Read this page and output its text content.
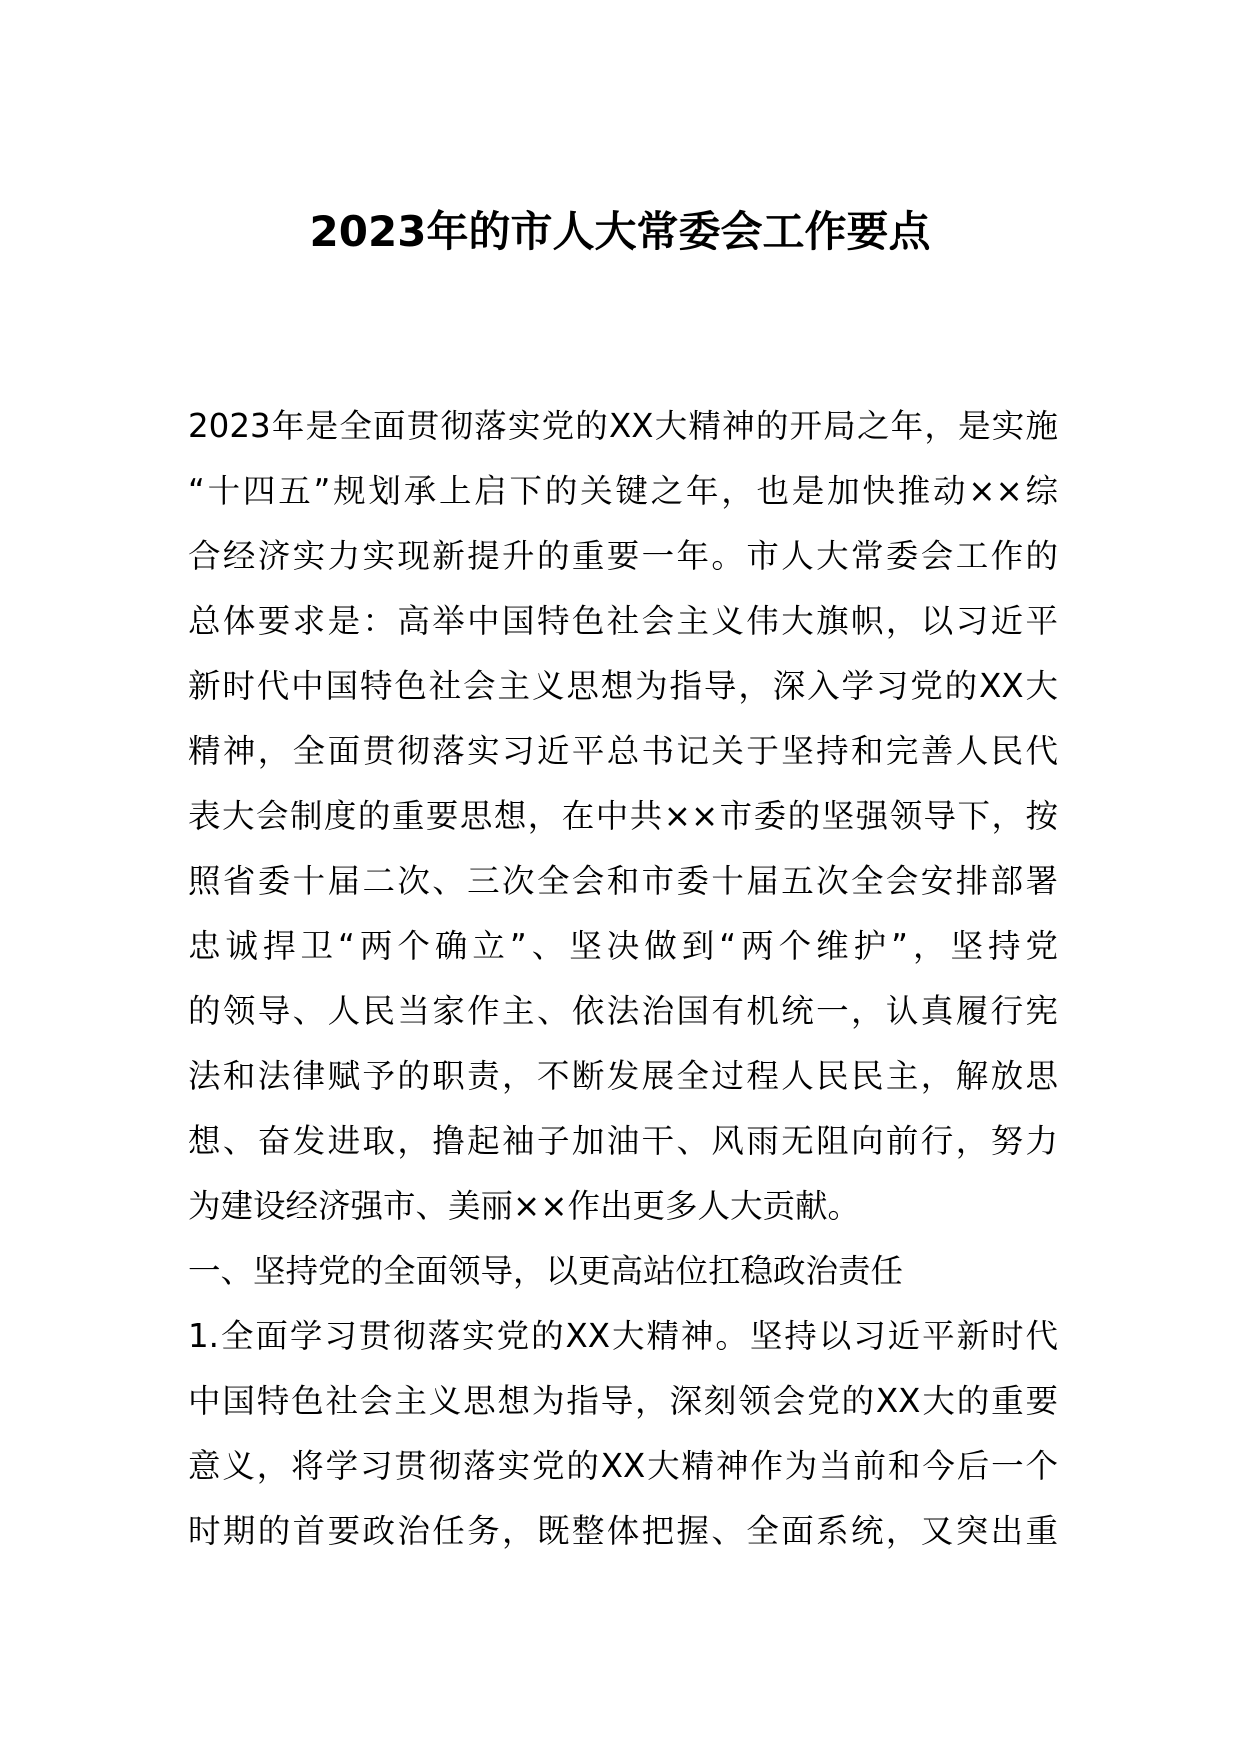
2023年的市人大常委会工作要点
2023年是全面贯彻落实党的XX大精神的开局之年，是实施
“十四五”规划承上启下的关键之年，也是加快推动××综
合经济实力实现新提升的重要一年。市人大常委会工作的
总体要求是：高举中国特色社会主义伟大旗帜，以习近平
新时代中国特色社会主义思想为指导，深入学习党的XX大
精神，全面贯彻落实习近平总书记关于坚持和完善人民代
表大会制度的重要思想，在中共××市委的坚强领导下，按
照省委十届二次、三次全会和市委十届五次全会安排部署
忠诚捍卫“两个确立”、坚决做到“两个维护”，坚持党
的领导、人民当家作主、依法治国有机统一，认真履行宪
法和法律赋予的职责，不断发展全过程人民民主，解放思
想、奋发进取，撸起袖子加油干、风雨无阻向前行，努力
为建设经济强市、美丽××作出更多人大贡献。
一、坚持党的全面领导，以更高站位扛稳政治责任
1.全面学习贯彻落实党的XX大精神。坚持以习近平新时代
中国特色社会主义思想为指导，深刻领会党的XX大的重要
意义，将学习贯彻落实党的XX大精神作为当前和今后一个
时期的首要政治任务，既整体把握、全面系统，又突出重
